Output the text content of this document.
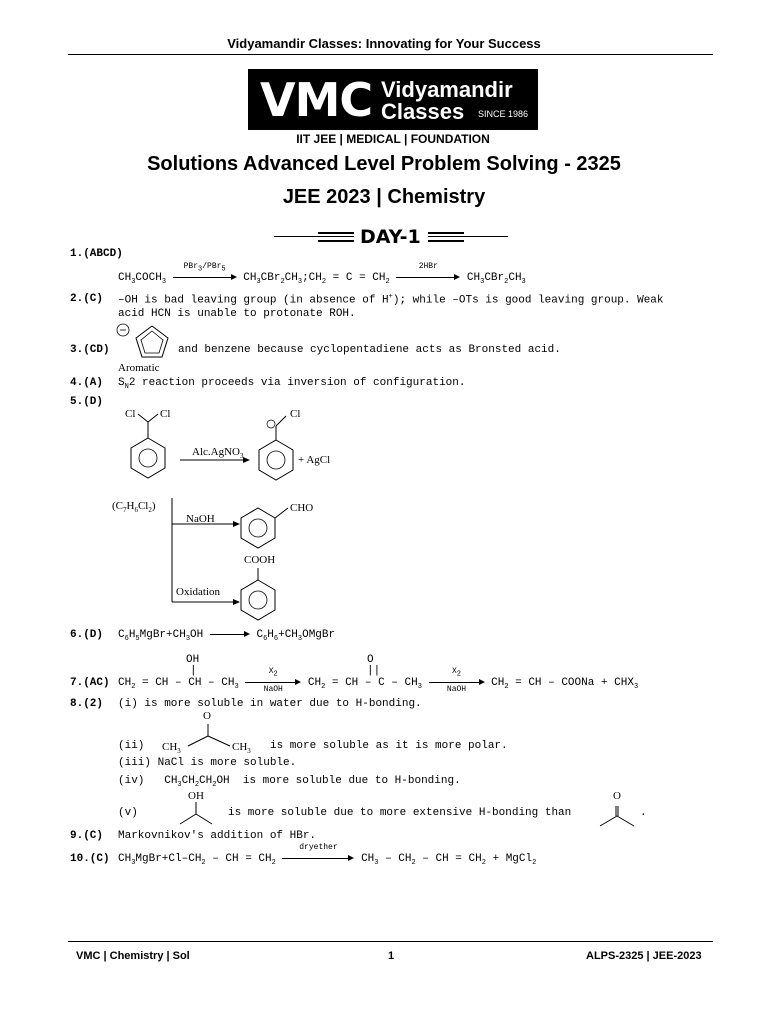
Vidyamandir Classes: Innovating for Your Success
VMC Vidyamandir
Classes SINCE 1986
IIT JEE | MEDICAL | FOUNDATION
Solutions Advanced Level Problem Solving - 2325
JEE 2023 | Chemistry
DAY-1
1.(ABCD)
$CH_3COCH_3$
PBr$_3$/PBr$_5$
$CH_3CBr_2CH_3;CH_2 = C = CH_2$
2HBr
$CH_3CBr_2CH_3$
2.(C) –OH is bad leaving group (in absence of H+); while –OTs is good leaving group. Weak
acid HCN is unable to protonate ROH.
3.(CD)
Aromatic
and benzene because cyclopentadiene acts as Bronsted acid.
4.(A) $S_N2$ reaction proceeds via inversion of configuration.
5.(D)
Cl Cl	Cl
Alc.AgNO$_3$	+ AgCl
$(C_7H_6Cl_2)$
NaOH
CHO
COOH
Oxidation
6.(D) $C_6H_5MgBr+CH_3OH$	$C_6H_6+CH_3OMgBr$
7.(AC)
OH
|
O
||
$CH_2$ = CH – CH – $CH_3$
$X_2$
NaOH
$CH_2$ = CH – C – $CH_3$
$X_2$
NaOH
$CH_2$ = CH – COONa + $CHX_3$
8.(2) (i) is more soluble in water due to H-bonding.
(ii)
O
$CH_3$	$CH_3$ is more soluble as it is more polar.
(iii) NaCl is more soluble.
(iv) $CH_3CH_2CH_2OH$ is more soluble due to H-bonding.
(v)
OH
is more soluble due to more extensive H-bonding than
O
.
9.(C) Markovnikov's addition of HBr.
10.(C) $CH_3MgBr+Cl-CH_2$ – CH = $CH_2$
dryether
$CH_3 - CH_2$ – CH = $CH_2$ + MgCl$_2$
VMC | Chemistry | Sol	1	ALPS-2325 | JEE-2023
